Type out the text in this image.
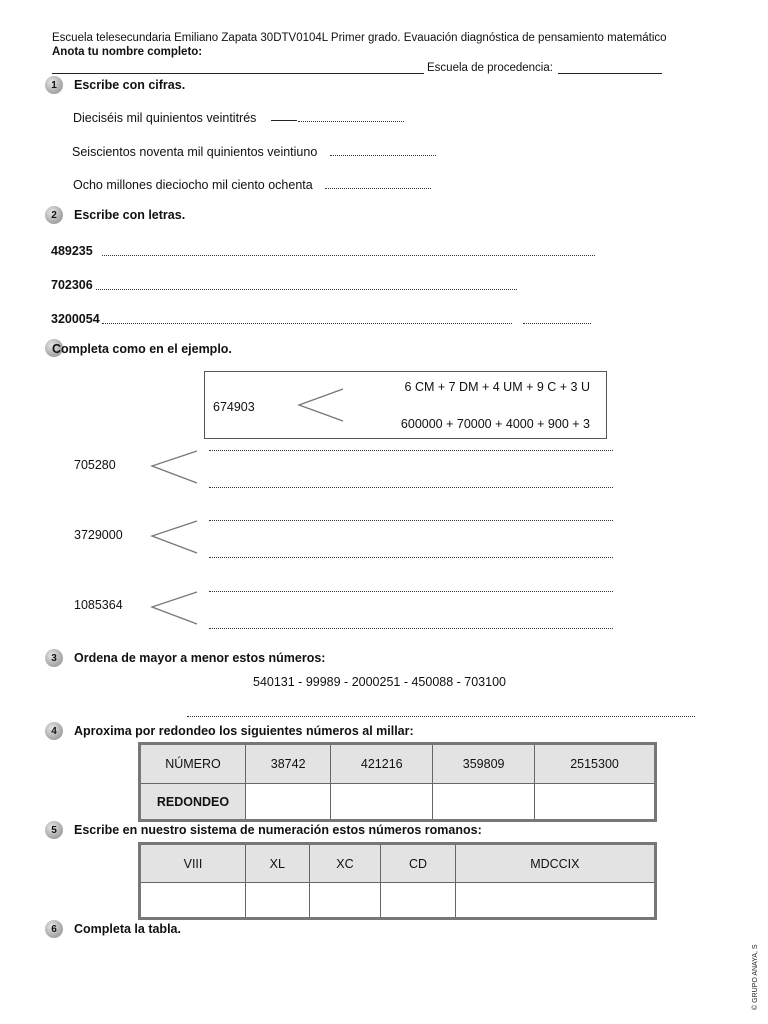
Escuela telesecundaria Emiliano Zapata 30DTV0104L Primer grado. Evauación diagnóstica de pensamiento matemático
Anota tu nombre completo:
Escuela de procedencia:
1	Escribe con cifras.
Dieciséis mil quinientos veintitrés
Seiscientos noventa mil quinientos veintiuno
Ocho millones dieciocho mil ciento ochenta
2	Escribe con letras.
489235
702306
3200054
Completa como en el ejemplo.
674903
6 CM + 7 DM + 4 UM + 9 C + 3 U
600000 + 70000 + 4000 + 900 + 3
705280
3729000
1085364
3	Ordena de mayor a menor estos números:
540131 - 99989 - 2000251 - 450088 - 703100
4	Aproxima por redondeo los siguientes números al millar:
NÚMERO	38742	421216	359809	2515300
REDONDEO				
5	Escribe en nuestro sistema de numeración estos números romanos:
VIII	XL	XC	CD	MDCCIX

6	Completa la tabla.
© GRUPO ANAYA, S
